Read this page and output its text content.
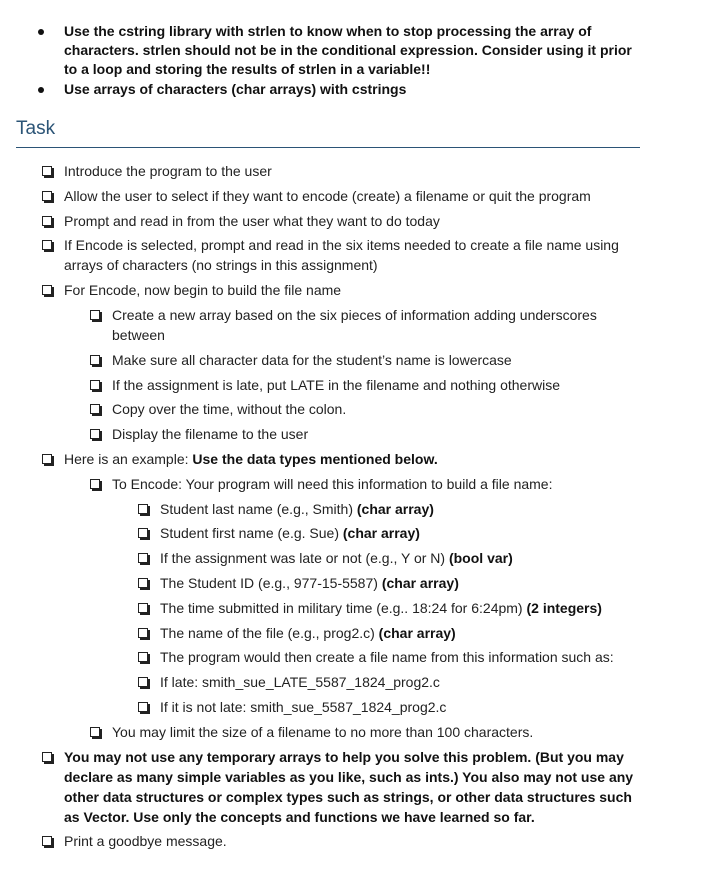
Use the cstring library with strlen to know when to stop processing the array of characters. strlen should not be in the conditional expression. Consider using it prior to a loop and storing the results of strlen in a variable!!
Use arrays of characters (char arrays) with cstrings
Task
Introduce the program to the user
Allow the user to select if they want to encode (create) a filename or quit the program
Prompt and read in from the user what they want to do today
If Encode is selected, prompt and read in the six items needed to create a file name using arrays of characters (no strings in this assignment)
For Encode, now begin to build the file name
Create a new array based on the six pieces of information adding underscores between
Make sure all character data for the student’s name is lowercase
If the assignment is late, put LATE in the filename and nothing otherwise
Copy over the time, without the colon.
Display the filename to the user
Here is an example: Use the data types mentioned below.
To Encode: Your program will need this information to build a file name:
Student last name (e.g., Smith) (char array)
Student first name (e.g. Sue) (char array)
If the assignment was late or not (e.g., Y or N) (bool var)
The Student ID (e.g., 977-15-5587) (char array)
The time submitted in military time (e.g.. 18:24 for 6:24pm) (2 integers)
The name of the file (e.g., prog2.c) (char array)
The program would then create a file name from this information such as:
If late: smith_sue_LATE_5587_1824_prog2.c
If it is not late: smith_sue_5587_1824_prog2.c
You may limit the size of a filename to no more than 100 characters.
You may not use any temporary arrays to help you solve this problem. (But you may declare as many simple variables as you like, such as ints.) You also may not use any other data structures or complex types such as strings, or other data structures such as Vector. Use only the concepts and functions we have learned so far.
Print a goodbye message.
